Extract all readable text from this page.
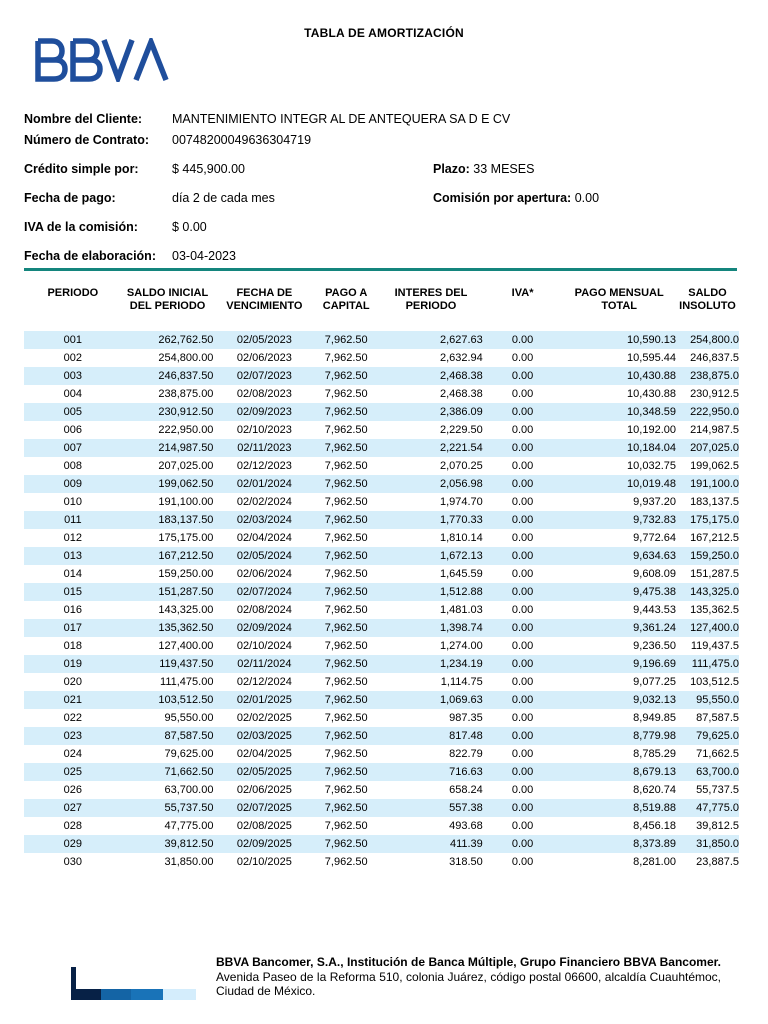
TABLA DE AMORTIZACIÓN
Nombre del Cliente: MANTENIMIENTO INTEGR AL DE ANTEQUERA SA D E CV
Número de Contrato: 00748200049636304719
Crédito simple por:	$ 445,900.00
Fecha de pago:	día 2 de cada mes
IVA de la comisión:	$ 0.00
Fecha de elaboración: 03-04-2023
Plazo: 33 MESES
Comisión por apertura: 0.00
PERIODO	SALDO INICIAL DEL PERIODO	FECHA DE VENCIMIENTO	PAGO A CAPITAL	INTERES DEL PERIODO	IVA*	PAGO MENSUAL TOTAL	SALDO INSOLUTO
001	262,762.50	02/05/2023	7,962.50	2,627.63	0.00	10,590.13	254,800.0
002	254,800.00	02/06/2023	7,962.50	2,632.94	0.00	10,595.44	246,837.5
003	246,837.50	02/07/2023	7,962.50	2,468.38	0.00	10,430.88	238,875.0
004	238,875.00	02/08/2023	7,962.50	2,468.38	0.00	10,430.88	230,912.5
005	230,912.50	02/09/2023	7,962.50	2,386.09	0.00	10,348.59	222,950.0
006	222,950.00	02/10/2023	7,962.50	2,229.50	0.00	10,192.00	214,987.5
007	214,987.50	02/11/2023	7,962.50	2,221.54	0.00	10,184.04	207,025.0
008	207,025.00	02/12/2023	7,962.50	2,070.25	0.00	10,032.75	199,062.5
009	199,062.50	02/01/2024	7,962.50	2,056.98	0.00	10,019.48	191,100.0
010	191,100.00	02/02/2024	7,962.50	1,974.70	0.00	9,937.20	183,137.5
011	183,137.50	02/03/2024	7,962.50	1,770.33	0.00	9,732.83	175,175.0
012	175,175.00	02/04/2024	7,962.50	1,810.14	0.00	9,772.64	167,212.5
013	167,212.50	02/05/2024	7,962.50	1,672.13	0.00	9,634.63	159,250.0
014	159,250.00	02/06/2024	7,962.50	1,645.59	0.00	9,608.09	151,287.5
015	151,287.50	02/07/2024	7,962.50	1,512.88	0.00	9,475.38	143,325.0
016	143,325.00	02/08/2024	7,962.50	1,481.03	0.00	9,443.53	135,362.5
017	135,362.50	02/09/2024	7,962.50	1,398.74	0.00	9,361.24	127,400.0
018	127,400.00	02/10/2024	7,962.50	1,274.00	0.00	9,236.50	119,437.5
019	119,437.50	02/11/2024	7,962.50	1,234.19	0.00	9,196.69	111,475.0
020	111,475.00	02/12/2024	7,962.50	1,114.75	0.00	9,077.25	103,512.5
021	103,512.50	02/01/2025	7,962.50	1,069.63	0.00	9,032.13	95,550.0
022	95,550.00	02/02/2025	7,962.50	987.35	0.00	8,949.85	87,587.5
023	87,587.50	02/03/2025	7,962.50	817.48	0.00	8,779.98	79,625.0
024	79,625.00	02/04/2025	7,962.50	822.79	0.00	8,785.29	71,662.5
025	71,662.50	02/05/2025	7,962.50	716.63	0.00	8,679.13	63,700.0
026	63,700.00	02/06/2025	7,962.50	658.24	0.00	8,620.74	55,737.5
027	55,737.50	02/07/2025	7,962.50	557.38	0.00	8,519.88	47,775.0
028	47,775.00	02/08/2025	7,962.50	493.68	0.00	8,456.18	39,812.5
029	39,812.50	02/09/2025	7,962.50	411.39	0.00	8,373.89	31,850.0
030	31,850.00	02/10/2025	7,962.50	318.50	0.00	8,281.00	23,887.5
BBVA Bancomer, S.A., Institución de Banca Múltiple, Grupo Financiero BBVA Bancomer. Avenida Paseo de la Reforma 510, colonia Juárez, código postal 06600, alcaldía Cuauhtémoc, Ciudad de México.
